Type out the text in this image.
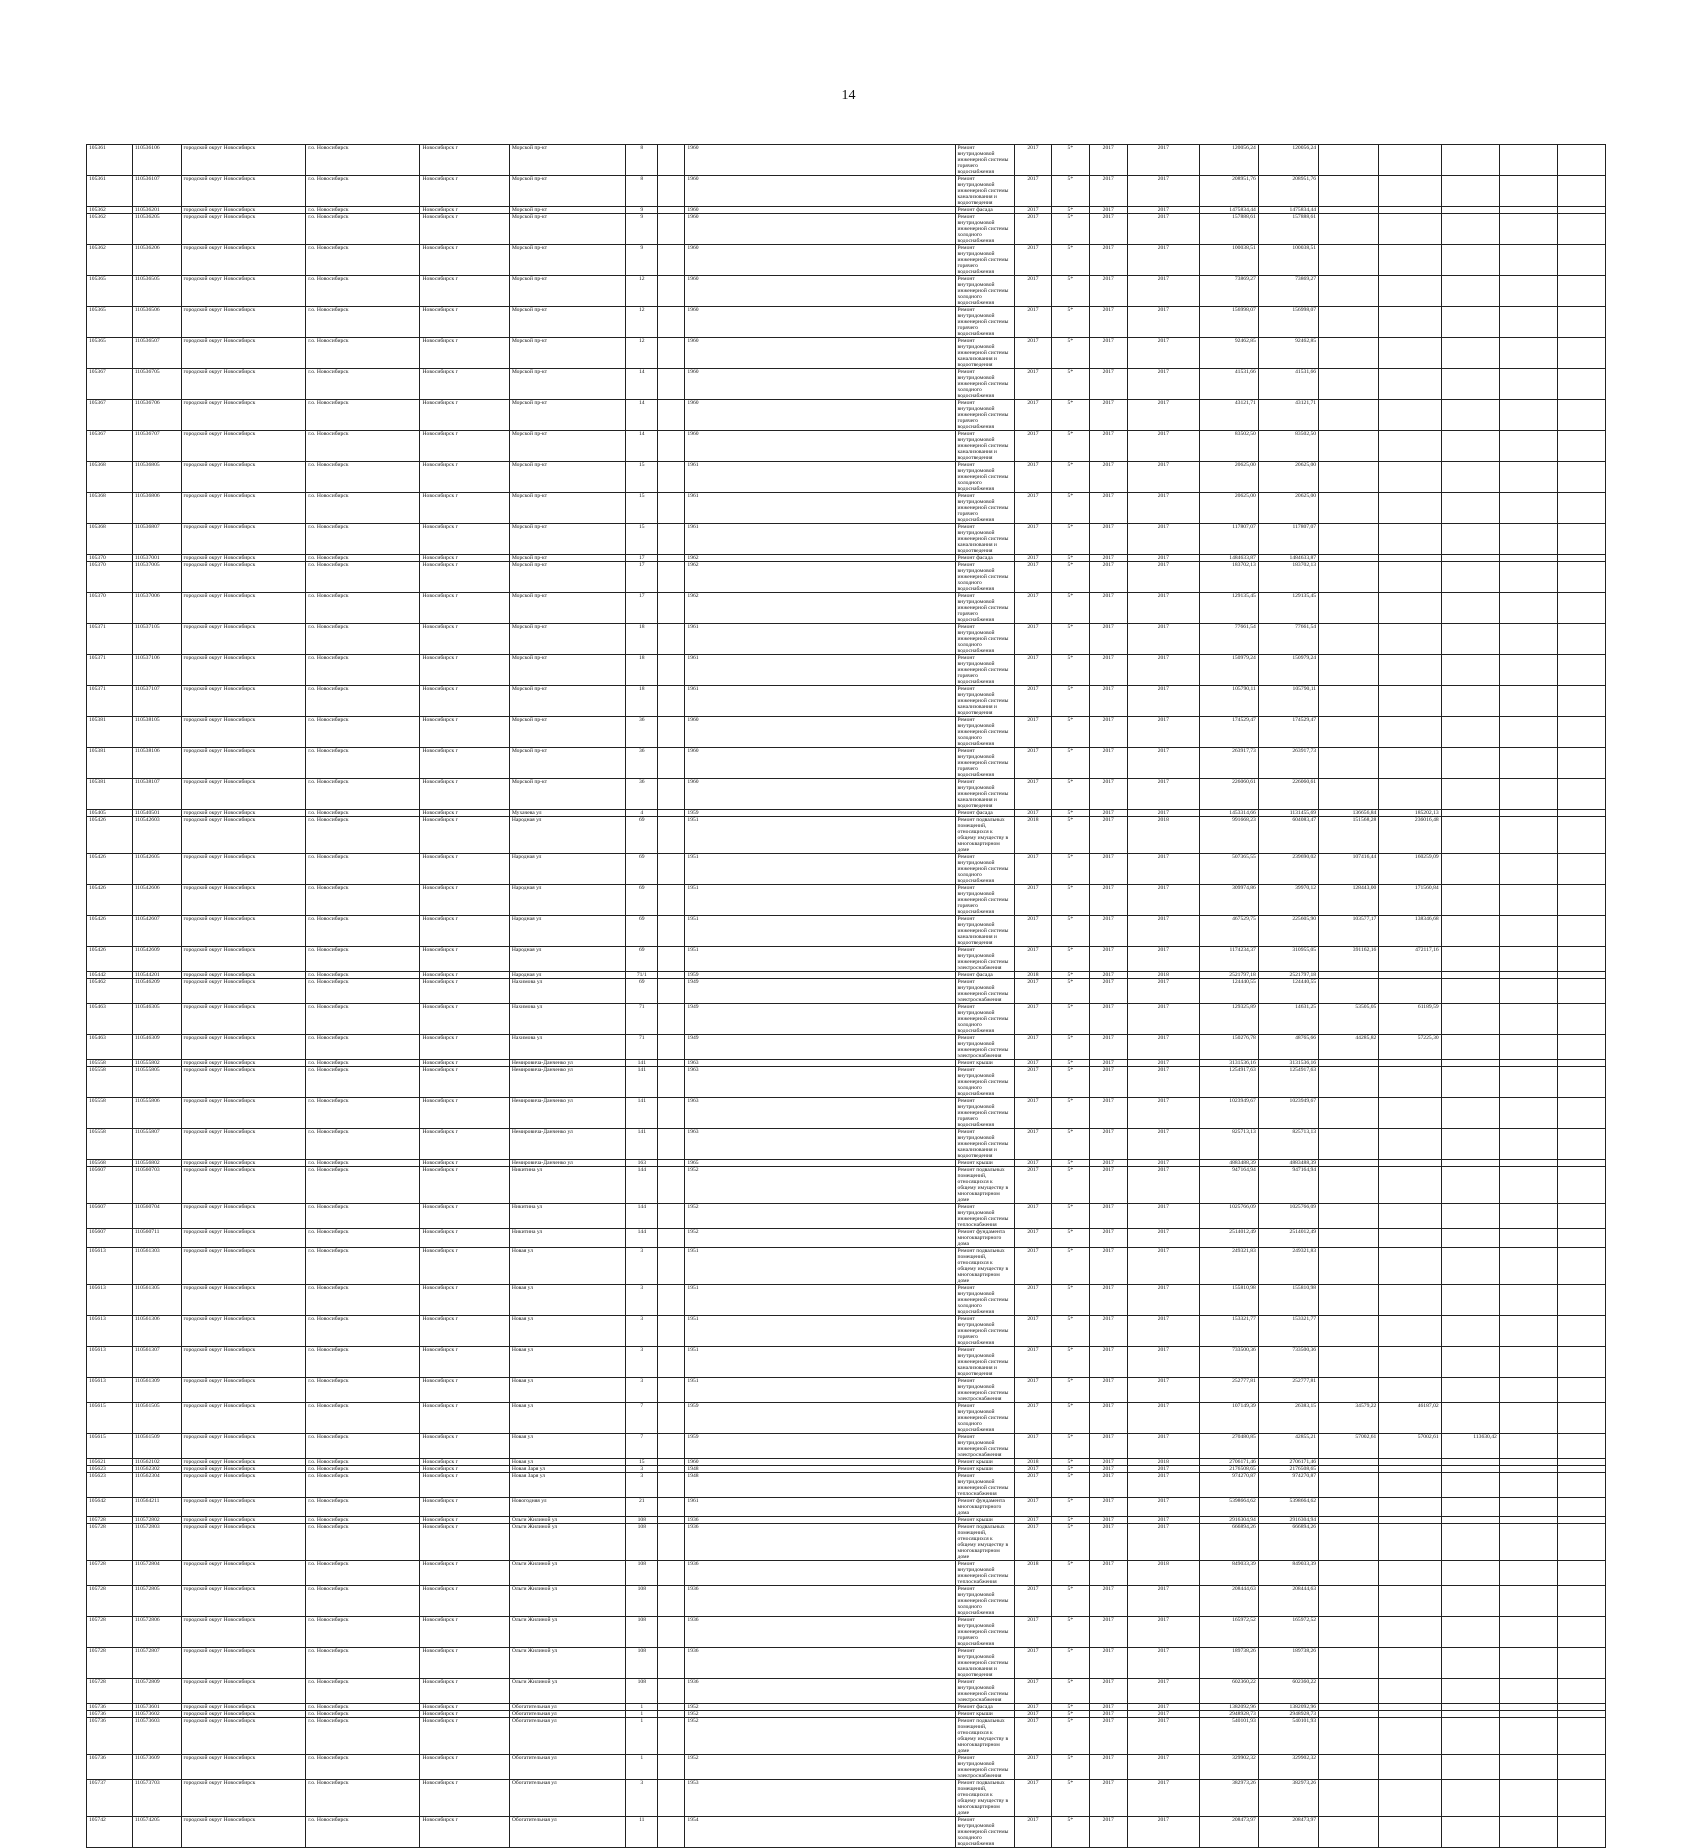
14
105361	110536106	городской округ Новосибирск	г.о. Новосибирск	Новосибирск г	Морской пр-кт	8		1960	Ремонт внутридомовой инженерной системы горячего водоснабжения	2017	5*	2017	2017	120056,24	120056,24					
105361	110536107	городской округ Новосибирск	г.о. Новосибирск	Новосибирск г	Морской пр-кт	8		1960	Ремонт внутридомовой инженерной системы канализования и водоотведения	2017	5*	2017	2017	208951,76	208951,76					
105362	110536201	городской округ Новосибирск	г.о. Новосибирск	Новосибирск г	Морской пр-кт	9		1960	Ремонт фасада	2017	5*	2017	2017	1475834,44	1475834,44					
105362	110536205	городской округ Новосибирск	г.о. Новосибирск	Новосибирск г	Морской пр-кт	9		1960	Ремонт внутридомовой инженерной системы холодного водоснабжения	2017	5*	2017	2017	157888,61	157888,61					
105362	110536206	городской округ Новосибирск	г.о. Новосибирск	Новосибирск г	Морской пр-кт	9		1960	Ремонт внутридомовой инженерной системы горячего водоснабжения	2017	5*	2017	2017	100038,51	100038,51					
105365	110536505	городской округ Новосибирск	г.о. Новосибирск	Новосибирск г	Морской пр-кт	12		1960	Ремонт внутридомовой инженерной системы холодного водоснабжения	2017	5*	2017	2017	73869,27	73869,27					
105365	110536506	городской округ Новосибирск	г.о. Новосибирск	Новосибирск г	Морской пр-кт	12		1960	Ремонт внутридомовой инженерной системы горячего водоснабжения	2017	5*	2017	2017	156998,07	156998,07					
105365	110536507	городской округ Новосибирск	г.о. Новосибирск	Новосибирск г	Морской пр-кт	12		1960	Ремонт внутридомовой инженерной системы канализования и водоотведения	2017	5*	2017	2017	92462,85	92462,85					
105367	110536705	городской округ Новосибирск	г.о. Новосибирск	Новосибирск г	Морской пр-кт	14		1960	Ремонт внутридомовой инженерной системы холодного водоснабжения	2017	5*	2017	2017	41531,66	41531,66					
105367	110536706	городской округ Новосибирск	г.о. Новосибирск	Новосибирск г	Морской пр-кт	14		1960	Ремонт внутридомовой инженерной системы горячего водоснабжения	2017	5*	2017	2017	43121,71	43121,71					
105367	110536707	городской округ Новосибирск	г.о. Новосибирск	Новосибирск г	Морской пр-кт	14		1960	Ремонт внутридомовой инженерной системы канализования и водоотведения	2017	5*	2017	2017	83502,50	83502,50					
105368	110536805	городской округ Новосибирск	г.о. Новосибирск	Новосибирск г	Морской пр-кт	15		1961	Ремонт внутридомовой инженерной системы холодного водоснабжения	2017	5*	2017	2017	20625,00	20625,00					
105368	110536806	городской округ Новосибирск	г.о. Новосибирск	Новосибирск г	Морской пр-кт	15		1961	Ремонт внутридомовой инженерной системы горячего водоснабжения	2017	5*	2017	2017	20625,00	20625,00					
105368	110536807	городской округ Новосибирск	г.о. Новосибирск	Новосибирск г	Морской пр-кт	15		1961	Ремонт внутридомовой инженерной системы канализования и водоотведения	2017	5*	2017	2017	117807,07	117807,07					
105370	110537001	городской округ Новосибирск	г.о. Новосибирск	Новосибирск г	Морской пр-кт	17		1962	Ремонт фасада	2017	5*	2017	2017	1484633,87	1484633,87					
105370	110537005	городской округ Новосибирск	г.о. Новосибирск	Новосибирск г	Морской пр-кт	17		1962	Ремонт внутридомовой инженерной системы холодного водоснабжения	2017	5*	2017	2017	183702,13	183702,13					
105370	110537006	городской округ Новосибирск	г.о. Новосибирск	Новосибирск г	Морской пр-кт	17		1962	Ремонт внутридомовой инженерной системы горячего водоснабжения	2017	5*	2017	2017	129135,45	129135,45					
105371	110537105	городской округ Новосибирск	г.о. Новосибирск	Новосибирск г	Морской пр-кт	18		1961	Ремонт внутридомовой инженерной системы холодного водоснабжения	2017	5*	2017	2017	77661,54	77661,54					
105371	110537106	городской округ Новосибирск	г.о. Новосибирск	Новосибирск г	Морской пр-кт	18		1961	Ремонт внутридомовой инженерной системы горячего водоснабжения	2017	5*	2017	2017	150979,24	150979,24					
105371	110537107	городской округ Новосибирск	г.о. Новосибирск	Новосибирск г	Морской пр-кт	18		1961	Ремонт внутридомовой инженерной системы канализования и водоотведения	2017	5*	2017	2017	105790,11	105790,11					
105381	110538105	городской округ Новосибирск	г.о. Новосибирск	Новосибирск г	Морской пр-кт	36		1960	Ремонт внутридомовой инженерной системы холодного водоснабжения	2017	5*	2017	2017	174529,47	174529,47					
105381	110538106	городской округ Новосибирск	г.о. Новосибирск	Новосибирск г	Морской пр-кт	36		1960	Ремонт внутридомовой инженерной системы горячего водоснабжения	2017	5*	2017	2017	263917,73	263917,73					
105381	110538107	городской округ Новосибирск	г.о. Новосибирск	Новосибирск г	Морской пр-кт	36		1960	Ремонт внутридомовой инженерной системы канализования и водоотведения	2017	5*	2017	2017	226060,61	226060,61					
105405	110540501	городской округ Новосибирск	г.о. Новосибирск	Новосибирск г	Мухачева ул	4		1959	Ремонт фасада	2017	5*	2017	2017	1453314,66	1131455,69	136656,84	185202,13			
105426	110542603	городской округ Новосибирск	г.о. Новосибирск	Новосибирск г	Народная ул	69		1951	Ремонт подвальных помещений, относящихся к общему имуществу в многоквартирном доме	2018	5*	2017	2018	991668,23	604083,47	151568,28	236016,48			
105426	110542605	городской округ Новосибирск	г.о. Новосибирск	Новосибирск г	Народная ул	69		1951	Ремонт внутридомовой инженерной системы холодного водоснабжения	2017	5*	2017	2017	507365,55	239690,02	107416,44	160259,09			
105426	110542606	городской округ Новосибирск	г.о. Новосибирск	Новосибирск г	Народная ул	69		1951	Ремонт внутридомовой инженерной системы горячего водоснабжения	2017	5*	2017	2017	309974,86	39970,12	128443,00	171560,84			
105426	110542607	городской округ Новосибирск	г.о. Новосибирск	Новосибирск г	Народная ул	69		1951	Ремонт внутридомовой инженерной системы канализования и водоотведения	2017	5*	2017	2017	467529,75	225605,90	103577,17	138346,68			
105426	110542609	городской округ Новосибирск	г.о. Новосибирск	Новосибирск г	Народная ул	69		1951	Ремонт внутридомовой инженерной системы электроснабжения	2017	5*	2017	2017	1174234,37	310955,05	391162,16	472117,16			
105442	110544201	городской округ Новосибирск	г.о. Новосибирск	Новосибирск г	Народная ул	71/1		1959	Ремонт фасада	2018	5*	2017	2018	2521797,18	2521797,18					
105462	110546209	городской округ Новосибирск	г.о. Новосибирск	Новосибирск г	Нахимова ул	69		1949	Ремонт внутридомовой инженерной системы электроснабжения	2017	5*	2017	2017	124440,55	124440,55					
105463	110546305	городской округ Новосибирск	г.о. Новосибирск	Новосибирск г	Нахимова ул	71		1949	Ремонт внутридомовой инженерной системы холодного водоснабжения	2017	5*	2017	2017	129325,89	14631,25	53505,05	61189,59			
105463	110546309	городской округ Новосибирск	г.о. Новосибирск	Новосибирск г	Нахимова ул	71		1949	Ремонт внутридомовой инженерной системы электроснабжения	2017	5*	2017	2017	150276,78	48765,66	44285,82	57225,30			
105558	110555802	городской округ Новосибирск	г.о. Новосибирск	Новосибирск г	Немировича-Данченко ул	141		1963	Ремонт крыши	2017	5*	2017	2017	3131536,16	3131536,16					
105558	110555805	городской округ Новосибирск	г.о. Новосибирск	Новосибирск г	Немировича-Данченко ул	141		1963	Ремонт внутридомовой инженерной системы холодного водоснабжения	2017	5*	2017	2017	1254917,63	1254917,63					
105558	110555806	городской округ Новосибирск	г.о. Новосибирск	Новосибирск г	Немировича-Данченко ул	141		1963	Ремонт внутридомовой инженерной системы горячего водоснабжения	2017	5*	2017	2017	1023949,67	1023949,67					
105558	110555807	городской округ Новосибирск	г.о. Новосибирск	Новосибирск г	Немировича-Данченко ул	141		1963	Ремонт внутридомовой инженерной системы канализования и водоотведения	2017	5*	2017	2017	825713,13	825713,13					
105568	110556802	городской округ Новосибирск	г.о. Новосибирск	Новосибирск г	Немировича-Данченко ул	163		1965	Ремонт крыши	2017	5*	2017	2017	4883488,39	4883488,39					
105607	110560703	городской округ Новосибирск	г.о. Новосибирск	Новосибирск г	Никитина ул	144		1952	Ремонт подвальных помещений, относящихся к общему имуществу в многоквартирном доме	2017	5*	2017	2017	947164,94	947164,94					
105607	110560704	городской округ Новосибирск	г.о. Новосибирск	Новосибирск г	Никитина ул	144		1952	Ремонт внутридомовой инженерной системы теплоснабжения	2017	5*	2017	2017	1025766,09	1025766,09					
105607	110560711	городской округ Новосибирск	г.о. Новосибирск	Новосибирск г	Никитина ул	144		1952	Ремонт фундамента многоквартирного дома	2017	5*	2017	2017	2514012,49	2514012,49					
105613	110561303	городской округ Новосибирск	г.о. Новосибирск	Новосибирск г	Новая ул	3		1951	Ремонт подвальных помещений, относящихся к общему имуществу в многоквартирном доме	2017	5*	2017	2017	249321,83	249321,83					
105613	110561305	городской округ Новосибирск	г.о. Новосибирск	Новосибирск г	Новая ул	3		1951	Ремонт внутридомовой инженерной системы холодного водоснабжения	2017	5*	2017	2017	155810,98	155810,98					
105613	110561306	городской округ Новосибирск	г.о. Новосибирск	Новосибирск г	Новая ул	3		1951	Ремонт внутридомовой инженерной системы горячего водоснабжения	2017	5*	2017	2017	153321,77	153321,77					
105613	110561307	городской округ Новосибирск	г.о. Новосибирск	Новосибирск г	Новая ул	3		1951	Ремонт внутридомовой инженерной системы канализования и водоотведения	2017	5*	2017	2017	733500,36	733500,36					
105613	110561309	городской округ Новосибирск	г.о. Новосибирск	Новосибирск г	Новая ул	3		1951	Ремонт внутридомовой инженерной системы электроснабжения	2017	5*	2017	2017	252777,81	252777,81					
105615	110561505	городской округ Новосибирск	г.о. Новосибирск	Новосибирск г	Новая ул	7		1959	Ремонт внутридомовой инженерной системы холодного водоснабжения	2017	5*	2017	2017	107149,39	26383,15	34579,22	46187,02			
105615	110561509	городской округ Новосибирск	г.о. Новосибирск	Новосибирск г	Новая ул	7		1959	Ремонт внутридомовой инженерной системы электроснабжения	2017	5*	2017	2017	270480,85	42855,21	57002,61	57002,61	113630,42		
105621	110562102	городской округ Новосибирск	г.о. Новосибирск	Новосибирск г	Новая ул	15		1960	Ремонт крыши	2018	5*	2017	2018	2706171,46	2706171,46					
105623	110562302	городской округ Новосибирск	г.о. Новосибирск	Новосибирск г	Новая Заря ул	3		1948	Ремонт крыши	2017	5*	2017	2017	2176508,65	2176508,65					
105623	110562304	городской округ Новосибирск	г.о. Новосибирск	Новосибирск г	Новая Заря ул	3		1948	Ремонт внутридомовой инженерной системы теплоснабжения	2017	5*	2017	2017	974270,87	974270,87					
105642	110564211	городской округ Новосибирск	г.о. Новосибирск	Новосибирск г	Новогодняя ул	21		1961	Ремонт фундамента многоквартирного дома	2017	5*	2017	2017	5398664,62	5398664,62					
105728	110572802	городской округ Новосибирск	г.о. Новосибирск	Новосибирск г	Ольги Жилиной ул	108		1936	Ремонт крыши	2017	5*	2017	2017	2916304,94	2916304,94					
105728	110572803	городской округ Новосибирск	г.о. Новосибирск	Новосибирск г	Ольги Жилиной ул	108		1936	Ремонт подвальных помещений, относящихся к общему имуществу в многоквартирном доме	2017	5*	2017	2017	666894,26	666894,26					
105728	110572804	городской округ Новосибирск	г.о. Новосибирск	Новосибирск г	Ольги Жилиной ул	108		1936	Ремонт внутридомовой инженерной системы теплоснабжения	2018	5*	2017	2018	849033,39	849033,39					
105728	110572805	городской округ Новосибирск	г.о. Новосибирск	Новосибирск г	Ольги Жилиной ул	108		1936	Ремонт внутридомовой инженерной системы холодного водоснабжения	2017	5*	2017	2017	208444,63	208444,63					
105728	110572806	городской округ Новосибирск	г.о. Новосибирск	Новосибирск г	Ольги Жилиной ул	108		1936	Ремонт внутридомовой инженерной системы горячего водоснабжения	2017	5*	2017	2017	165972,52	165972,52					
105728	110572807	городской округ Новосибирск	г.о. Новосибирск	Новосибирск г	Ольги Жилиной ул	108		1936	Ремонт внутридомовой инженерной системы канализования и водоотведения	2017	5*	2017	2017	189738,26	189738,26					
105728	110572809	городской округ Новосибирск	г.о. Новосибирск	Новосибирск г	Ольги Жилиной ул	108		1936	Ремонт внутридомовой инженерной системы электроснабжения	2017	5*	2017	2017	602360,22	602360,22					
105736	110573601	городской округ Новосибирск	г.о. Новосибирск	Новосибирск г	Обогатительная ул	1		1952	Ремонт фасада	2017	5*	2017	2017	1382092,96	1382092,96					
105736	110573602	городской округ Новосибирск	г.о. Новосибирск	Новосибирск г	Обогатительная ул	1		1952	Ремонт крыши	2017	5*	2017	2017	2948928,73	2948928,73					
105736	110573603	городской округ Новосибирск	г.о. Новосибирск	Новосибирск г	Обогатительная ул	1		1952	Ремонт подвальных помещений, относящихся к общему имуществу в многоквартирном доме	2017	5*	2017	2017	540101,93	540101,93					
105736	110573609	городской округ Новосибирск	г.о. Новосибирск	Новосибирск г	Обогатительная ул	1		1952	Ремонт внутридомовой инженерной системы электроснабжения	2017	5*	2017	2017	329902,32	329902,32					
105737	110573703	городской округ Новосибирск	г.о. Новосибирск	Новосибирск г	Обогатительная ул	3		1953	Ремонт подвальных помещений, относящихся к общему имуществу в многоквартирном доме	2017	5*	2017	2017	382973,26	382973,26					
105742	110574205	городской округ Новосибирск	г.о. Новосибирск	Новосибирск г	Обогатительная ул	11		1954	Ремонт внутридомовой инженерной системы холодного водоснабжения	2017	5*	2017	2017	208473,97	208473,97					
